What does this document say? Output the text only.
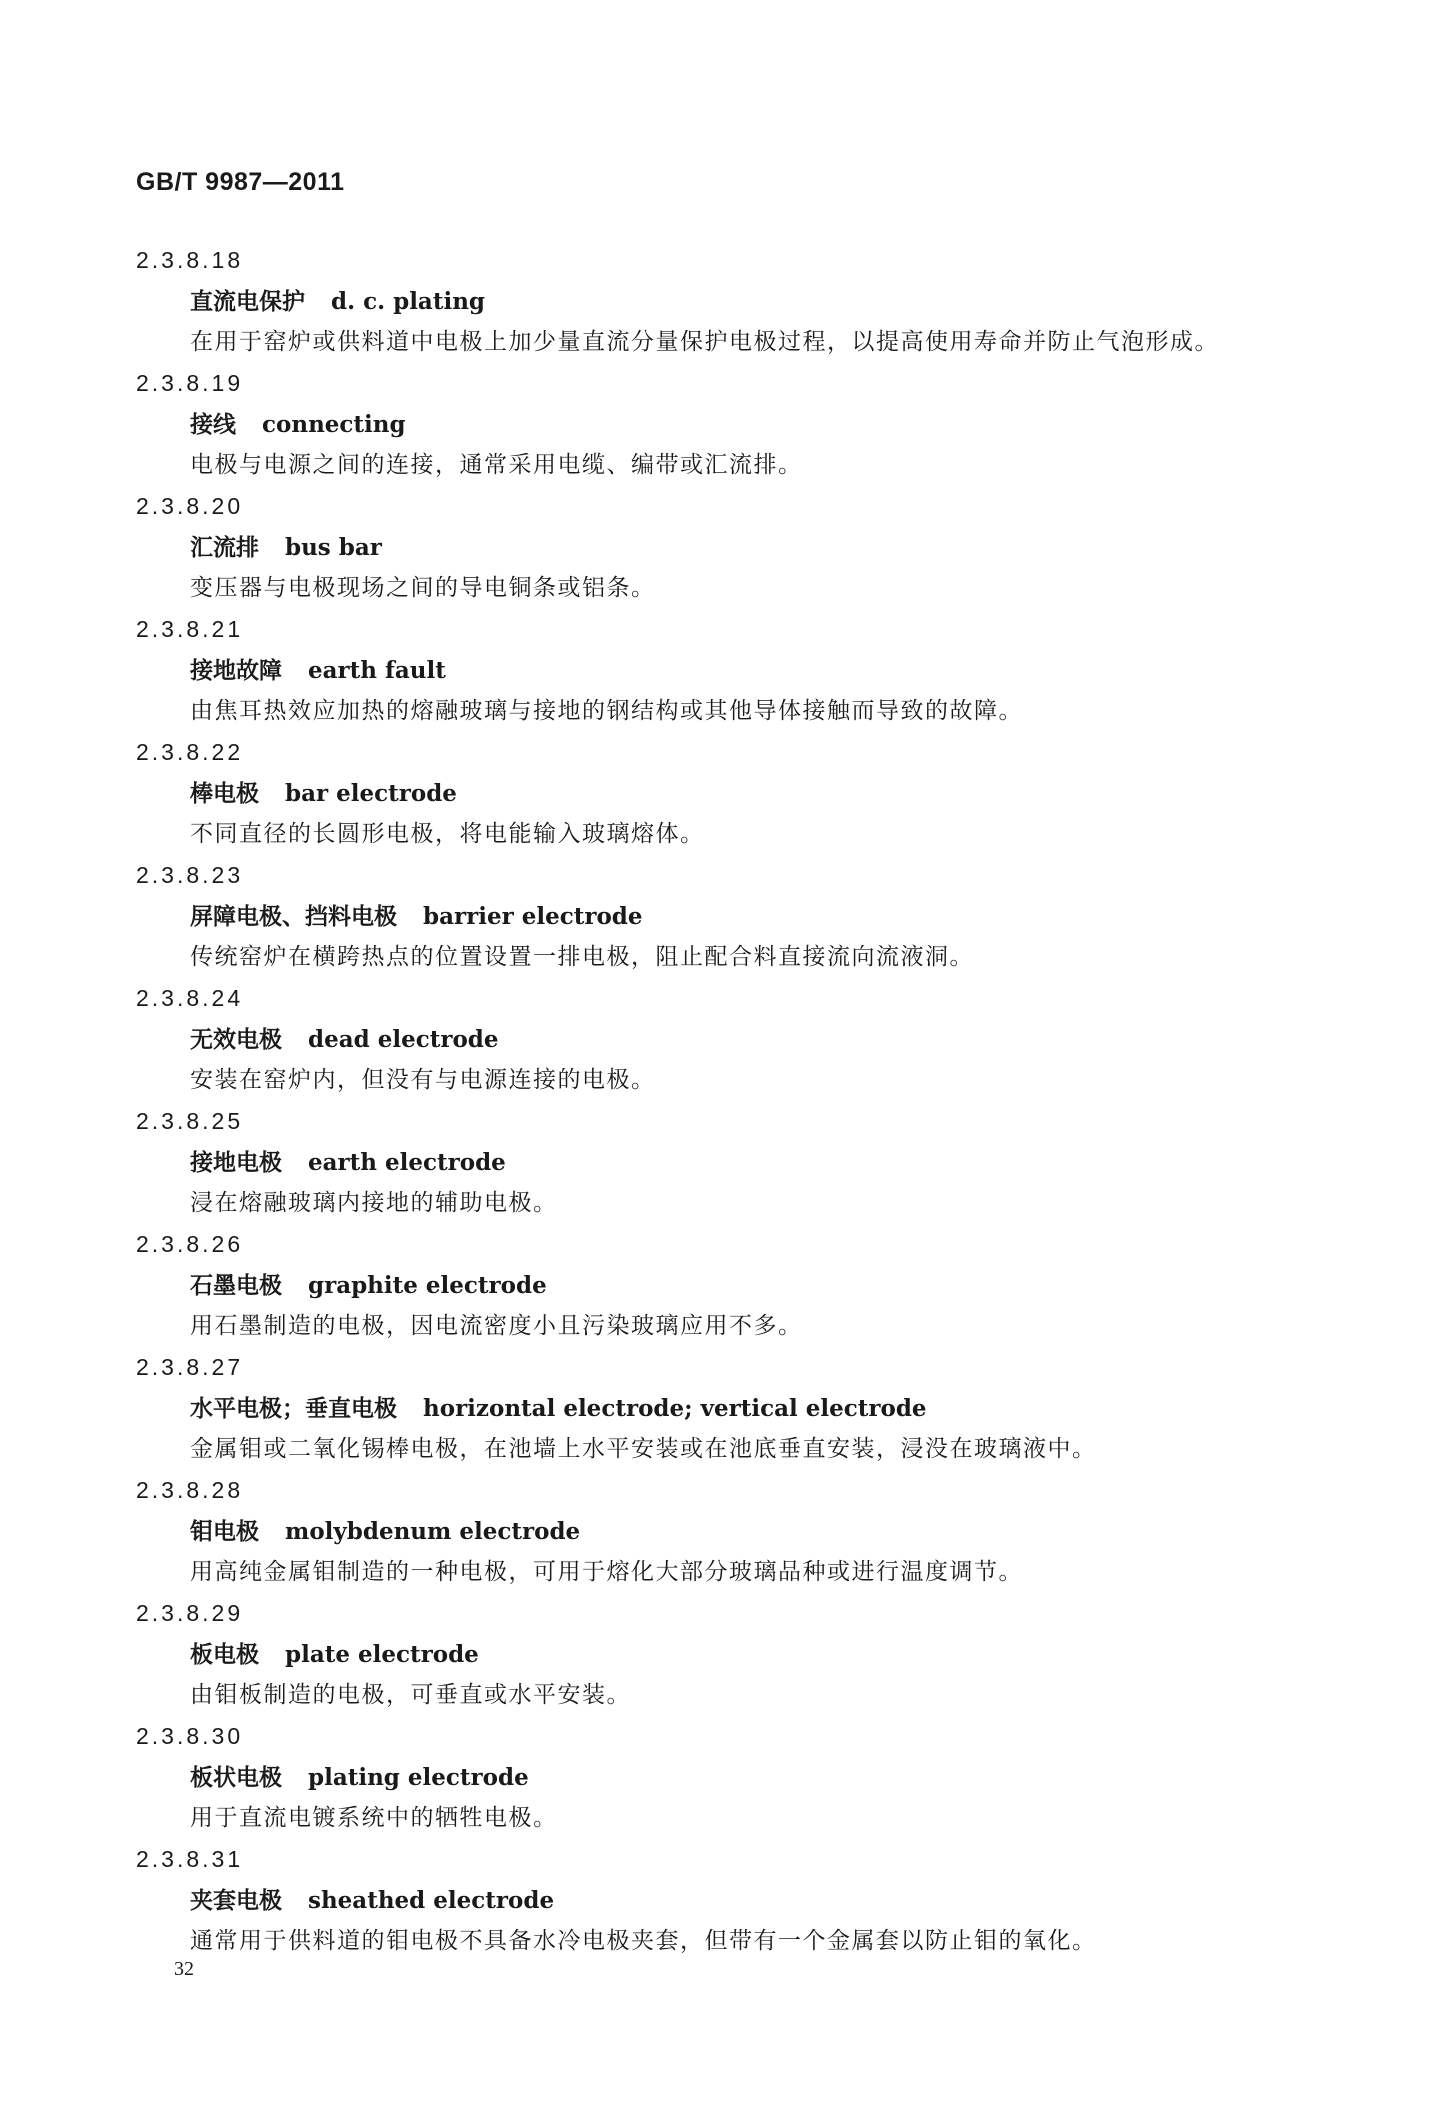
GB/T 9987—2011
2.3.8.18
直流电保护 d. c. plating
在用于窑炉或供料道中电极上加少量直流分量保护电极过程，以提高使用寿命并防止气泡形成。
2.3.8.19
接线 connecting
电极与电源之间的连接，通常采用电缆、编带或汇流排。
2.3.8.20
汇流排 bus bar
变压器与电极现场之间的导电铜条或铝条。
2.3.8.21
接地故障 earth fault
由焦耳热效应加热的熔融玻璃与接地的钢结构或其他导体接触而导致的故障。
2.3.8.22
棒电极 bar electrode
不同直径的长圆形电极，将电能输入玻璃熔体。
2.3.8.23
屏障电极、挡料电极 barrier electrode
传统窑炉在横跨热点的位置设置一排电极，阻止配合料直接流向流液洞。
2.3.8.24
无效电极 dead electrode
安装在窑炉内，但没有与电源连接的电极。
2.3.8.25
接地电极 earth electrode
浸在熔融玻璃内接地的辅助电极。
2.3.8.26
石墨电极 graphite electrode
用石墨制造的电极，因电流密度小且污染玻璃应用不多。
2.3.8.27
水平电极；垂直电极 horizontal electrode; vertical electrode
金属钼或二氧化锡棒电极，在池墙上水平安装或在池底垂直安装，浸没在玻璃液中。
2.3.8.28
钼电极 molybdenum electrode
用高纯金属钼制造的一种电极，可用于熔化大部分玻璃品种或进行温度调节。
2.3.8.29
板电极 plate electrode
由钼板制造的电极，可垂直或水平安装。
2.3.8.30
板状电极 plating electrode
用于直流电镀系统中的牺牲电极。
2.3.8.31
夹套电极 sheathed electrode
通常用于供料道的钼电极不具备水冷电极夹套，但带有一个金属套以防止钼的氧化。
32
